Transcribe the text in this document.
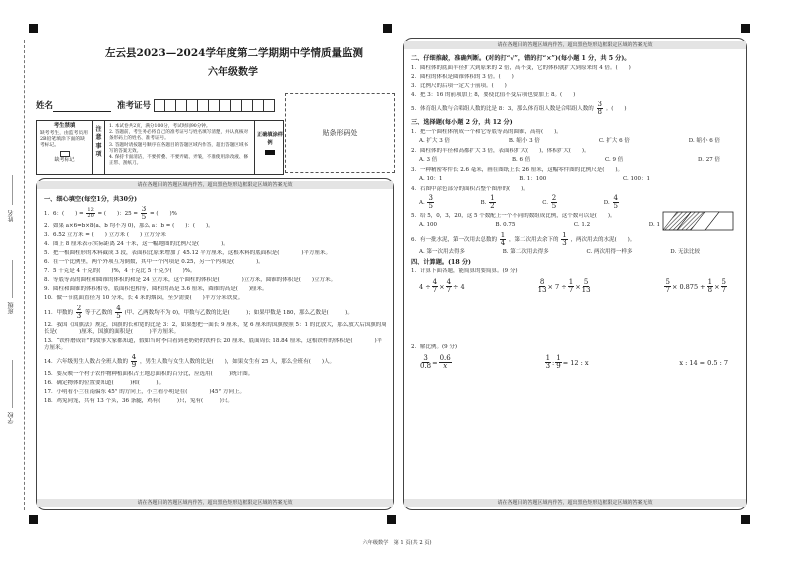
姓名
班级
学校
左云县2023—2024学年度第二学期期中学情质量监测
六年级数学
姓名	准考证号
贴条形码处
考生禁填
缺考考生，由监考员用2B铅笔填涂下面的缺考标记。
缺考标记
注意事项
1. 本试卷共2页，满分100分，考试时间90分钟。
2. 答题前，考生务必将自己的准考证号与姓名填写清楚，并认真核对条形码上的姓名、准考证号。
3. 答题时请按题号顺序在各题目的答题区域内作答，超出答题区域书写的答案无效。
4. 保持卡面清洁，不要折叠、不要弄破、弄皱，不准使用涂改液、修正带、刮纸刀。
正确填涂样例
请在各题目的答题区域内作答，超出黑色矩形边框限定区域的答案无效
一、细心填空(每空1分，共30分)
1．6：(　　) = $\frac{12}{20}$ = (　　)：$25 = \frac{3}{5}$ = (　　)%
2．如果 a×6=b×8(a、b 均不为 0)，那么 a：b = (　　)：(　　)。
3．6.52 立方米 = (　　) 立方米 (　　) 立方分米
4．图上 8 厘米表示实际距离 24 千米，这一幅地图的比例尺是(　　　　)。
5．把一根圆柱形的木料截成 3 段，表面积比原来增加了 45.12 平方厘米，这根木料的底面积是(　　　　)平方厘米。
6．在一个比例里，两个外项互为倒数，其中一个内项是 0.25，另一个内项是(　　　　)。
7．5 千克是 4 千克的(　　)%，4 千克比 5 千克少(　　)%。
8．等底等高的圆柱和圆锥的体积的和是 24 立方米，这个圆柱的体积是(　　　　)立方米，圆锥的体积是(　　)立方米。
9．圆柱和圆锥的体积相等，底面积也相等，圆柱的高是 3.6 厘米，圆锥的高是(　　)厘米。
10．做一节底面直径为 10 分米，长 4 米的烟囱，至少需要(　　)平方分米铁皮。
11．甲数的 $\frac{2}{3}$ 等于乙数的 $\frac{4}{5}$ (甲、乙两数均不为 0)，甲数与乙数的比是(　　　)；如果甲数是 180，那么乙数是(　　　)。
12．我国《国旗法》规定，国旗的长和宽的比是 3：2，如果想把一面长 9 厘米，宽 6 厘米的国旗按照 5：1 的比放大，那么放大后国旗的周长是(　　　　)厘米，国旗的面积是(　　　)平方厘米。
13．“铁杵磨成针”的故事大家都知道，假如当时李白看到老奶奶的铁杵长 20 厘米，底面周长 18.84 厘米，这根铁杵的体积是(　　　　)平方厘米。
14．六年级男生人数占全班人数的 $\frac{4}{9}$ ，男生人数与女生人数的比是(　　)，如果女生有 25 人，那么全班有(　　)人。
15．要反映一个村子农作物种植面积占土地总面积的百分比，应选用(　　　)统计图。
16．确定物体的位置要知道(　　　)和(　　　)。
17．小明看小兰在南偏东 45° 的方向上，小兰看小明是在(　　　　)45° 方向上。
18．鸡兔同笼，共有 13 个头，36 条腿，鸡有(　　　)只，兔有(　　　)只。
请在各题目的答题区域内作答，超出黑色矩形边框限定区域的答案无效
请在各题目的答题区域内作答，超出黑色矩形边框限定区域的答案无效
二、仔细推敲，准确判断。(对的打“√”，错的打“×”)(每小题 1 分，共 5 分)。
1．圆柱体的底面半径扩大到原来的 2 倍，高不变，它的体积就扩大到原来的 4 倍。(　　)
2．圆柱的体积是圆锥体积的 3 倍。(　　)
3．比例尺的后项一定大于前项。(　　)
4．把 3：16 的前项加上 8，要使比值不变后项也要加上 8。(　　)
5．体育组人数与合唱组人数的比是 8：3，那么体育组人数是合唱组人数的 $\frac{3}{8}$ 。(　　)
三、选择题(每小题 2 分，共 12 分)
1．把一个圆柱体削成一个和它等底等高的圆锥，高将(　　)。
A. 扩大 3 倍	B. 缩小 3 倍	C. 扩大 6 倍	D. 缩小 6 倍
2．圆柱体的半径和高都扩大 3 倍，表面积扩大(　　)，体积扩大(　　)。
A. 3 倍	B. 6 倍	C. 9 倍	D. 27 倍
3．一种精密零件长 2.6 毫米，画在图纸上长 26 厘米，这幅零件图的比例尺是(　　)。
A. 10：1	B. 1：100	C. 100：1
4．右图中涂色部分的面积占整个图形的(　　)。
A. $\frac{3}{5}$	B. $\frac{1}{2}$	C. $\frac{2}{5}$	D. $\frac{4}{5}$
5．给 5，0，3，20，这 5 个数配上一个不同的数组成比例，这个数可以是(　　)。
A. 100	B. 0.75	C. 1.2	D. 1
6．有一批水泥，第一次用去总数的 $\frac{1}{4}$ ，第二次用去余下的 $\frac{1}{3}$ ，两次用去的水泥(　　)。
A. 第一次用去得多	B. 第二次用去得多	C. 两次用得一样多	D. 无法比较
四、计算题。(18 分)
1．计算下面各题，能简算的要简算。(9 分)
$4 \div \frac{4}{7} \times \frac{4}{7} \div 4$	$\frac{8}{13} \times 7 \div \frac{1}{7} \times \frac{5}{13}$	$\frac{5}{7} \times 0.875 + \frac{1}{8} \times \frac{5}{7}$
2．解比例。(9 分)
$\frac{3}{0.8} = \frac{0.6}{x}$	$\frac{1}{3}$ : $\frac{1}{9} = 12$ : x	x : 14 = 0.5 : 7
请在各题目的答题区域内作答，超出黑色矩形边框限定区域的答案无效
六年级数学　第 1 页(共 2 页)
